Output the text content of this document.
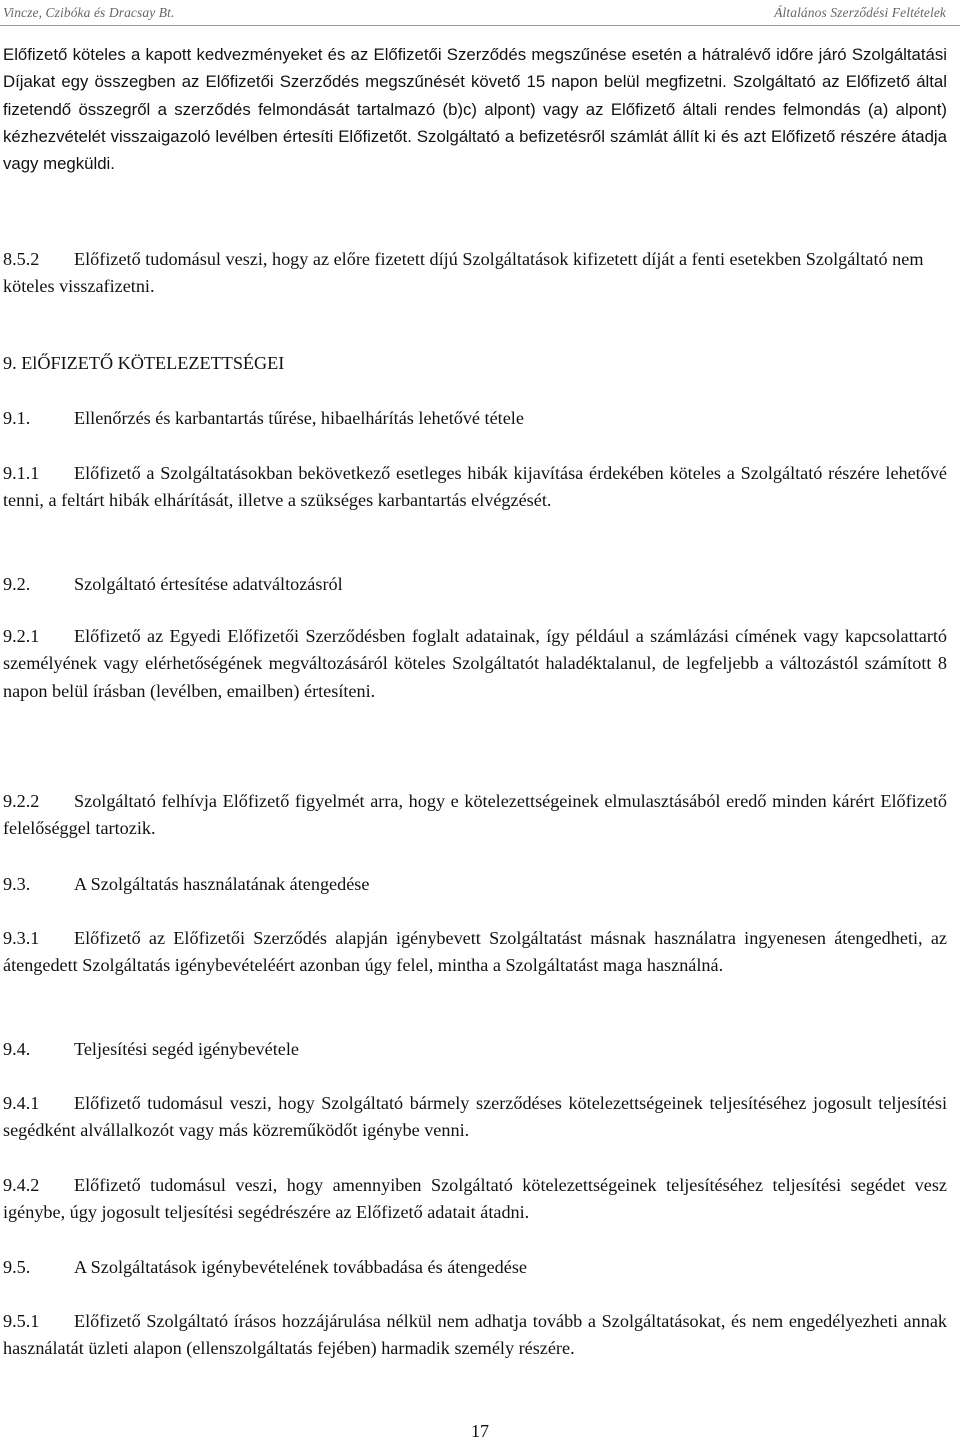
Vincze, Czibóka és Dracsay Bt.	Általános Szerződési Feltételek

Előfizető köteles a kapott kedvezményeket és az Előfizetői Szerződés megszűnése esetén a hátralévő időre járó Szolgáltatási Díjakat egy összegben az Előfizetői Szerződés megszűnését követő 15 napon belül megfizetni. Szolgáltató az Előfizető által fizetendő összegről a szerződés felmondását tartalmazó (b)c) alpont) vagy az Előfizető általi rendes felmondás (a) alpont) kézhezvételét visszaigazoló levélben értesíti Előfizetőt. Szolgáltató a befizetésről számlát állít ki és azt Előfizető részére átadja vagy megküldi.

8.5.2 Előfizető tudomásul veszi, hogy az előre fizetett díjú Szolgáltatások kifizetett díját a fenti esetekben Szolgáltató nem köteles visszafizetni.

9. ElŐFIZETŐ KÖTELEZETTSÉGEI
9.1. Ellenőrzés és karbantartás tűrése, hibaelhárítás lehetővé tétele

9.1.1 Előfizető a Szolgáltatásokban bekövetkező esetleges hibák kijavítása érdekében köteles a Szolgáltató részére lehetővé tenni, a feltárt hibák elhárítását, illetve a szükséges karbantartás elvégzését.

9.2. Szolgáltató értesítése adatváltozásról

9.2.1 Előfizető az Egyedi Előfizetői Szerződésben foglalt adatainak, így például a számlázási címének vagy kapcsolattartó személyének vagy elérhetőségének megváltozásáról köteles Szolgáltatót haladéktalanul, de legfeljebb a változástól számított 8 napon belül írásban (levélben, emailben) értesíteni.

9.2.2 Szolgáltató felhívja Előfizető figyelmét arra, hogy e kötelezettségeinek elmulasztásából eredő minden kárért Előfizető felelőséggel tartozik.

9.3. A Szolgáltatás használatának átengedése

9.3.1 Előfizető az Előfizetői Szerződés alapján igénybevett Szolgáltatást másnak használatra ingyenesen átengedheti, az átengedett Szolgáltatás igénybevételéért azonban úgy felel, mintha a Szolgáltatást maga használná.

9.4. Teljesítési segéd igénybevétele

9.4.1 Előfizető tudomásul veszi, hogy Szolgáltató bármely szerződéses kötelezettségeinek teljesítéséhez jogosult teljesítési segédként alvállalkozót vagy más közreműködőt igénybe venni.

9.4.2 Előfizető tudomásul veszi, hogy amennyiben Szolgáltató kötelezettségeinek teljesítéséhez teljesítési segédet vesz igénybe, úgy jogosult teljesítési segédrészére az Előfizető adatait átadni.

9.5. A Szolgáltatások igénybevételének továbbadása és átengedése

9.5.1 Előfizető Szolgáltató írásos hozzájárulása nélkül nem adhatja tovább a Szolgáltatásokat, és nem engedélyezheti annak használatát üzleti alapon (ellenszolgáltatás fejében) harmadik személy részére.

17
